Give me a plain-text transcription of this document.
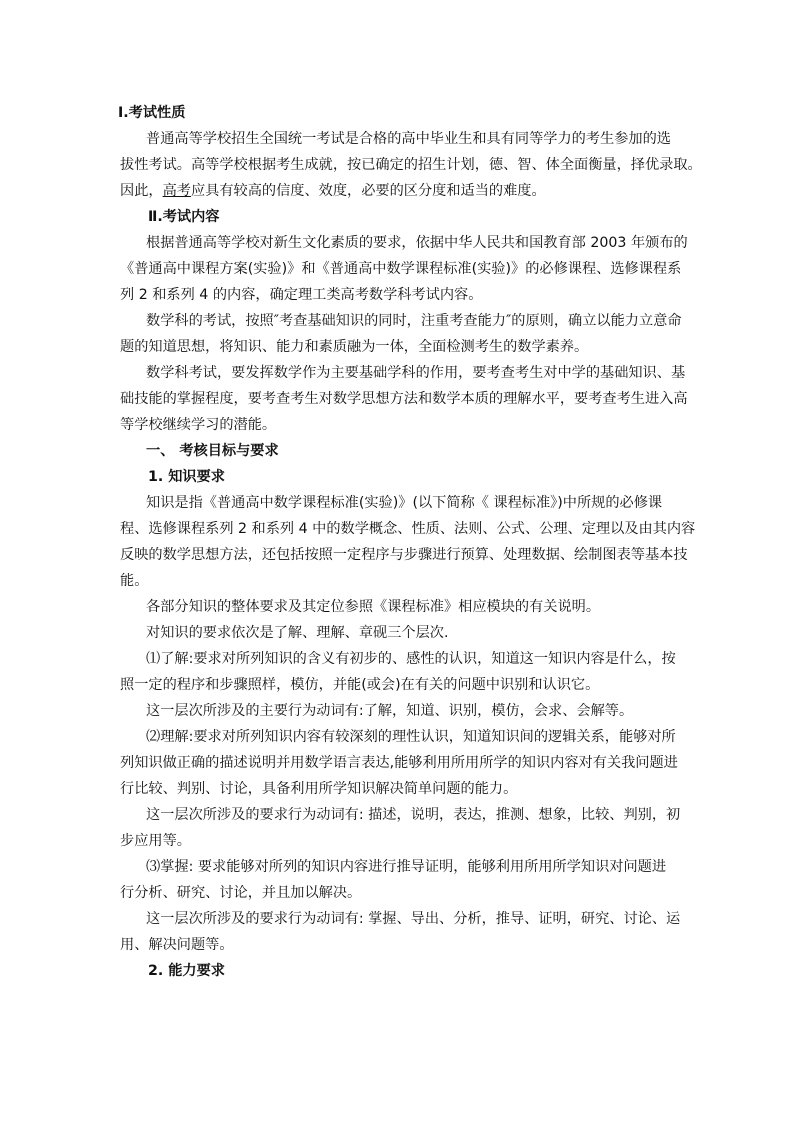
Ⅰ.考试性质
普通高等学校招生全国统一考试是合格的高中毕业生和具有同等学力的考生参加的选
拔性考试。高等学校根据考生成就，按已确定的招生计划，德、智、体全面衡量，择优录取。
因此，高考应具有较高的信度、效度，必要的区分度和适当的难度。
Ⅱ.考试内容
根据普通高等学校对新生文化素质的要求，依据中华人民共和国教育部 2003 年颁布的
《普通高中课程方案(实验)》和《普通高中数学课程标准(实验)》的必修课程、选修课程系
列 2 和系列 4 的内容，确定理工类高考数学科考试内容。
数学科的考试，按照″考查基础知识的同时，注重考查能力″的原则，确立以能力立意命
题的知道思想，将知识、能力和素质融为一体，全面检测考生的数学素养。
数学科考试，要发挥数学作为主要基础学科的作用，要考查考生对中学的基础知识、基
础技能的掌握程度，要考查考生对数学思想方法和数学本质的理解水平，要考查考生进入高
等学校继续学习的潜能。
一、 考核目标与要求
1. 知识要求
知识是指《普通高中数学课程标准(实验)》(以下简称《 课程标准》)中所规的必修课
程、选修课程系列 2 和系列 4 中的数学概念、性质、法则、公式、公理、定理以及由其内容
反映的数学思想方法，还包括按照一定程序与步骤进行预算、处理数据、绘制图表等基本技
能。
各部分知识的整体要求及其定位参照《课程标准》相应模块的有关说明。
对知识的要求依次是了解、理解、章砚三个层次.
⑴了解:要求对所列知识的含义有初步的、感性的认识，知道这一知识内容是什么，按
照一定的程序和步骤照样，模仿，并能(或会)在有关的问题中识别和认识它。
这一层次所涉及的主要行为动词有:了解，知道、识别，模仿，会求、会解等。
⑵理解:要求对所列知识内容有较深刻的理性认识，知道知识间的逻辑关系，能够对所
列知识做正确的描述说明并用数学语言表达,能够利用所用所学的知识内容对有关我问题进
行比较、判别、讨论，具备利用所学知识解决简单问题的能力。
这一层次所涉及的要求行为动词有: 描述，说明，表达，推测、想象，比较、判别，初
步应用等。
⑶掌握: 要求能够对所列的知识内容进行推导证明，能够利用所用所学知识对问题进
行分析、研究、讨论，并且加以解决。
这一层次所涉及的要求行为动词有: 掌握、导出、分析，推导、证明，研究、讨论、运
用、解决问题等。
2. 能力要求
